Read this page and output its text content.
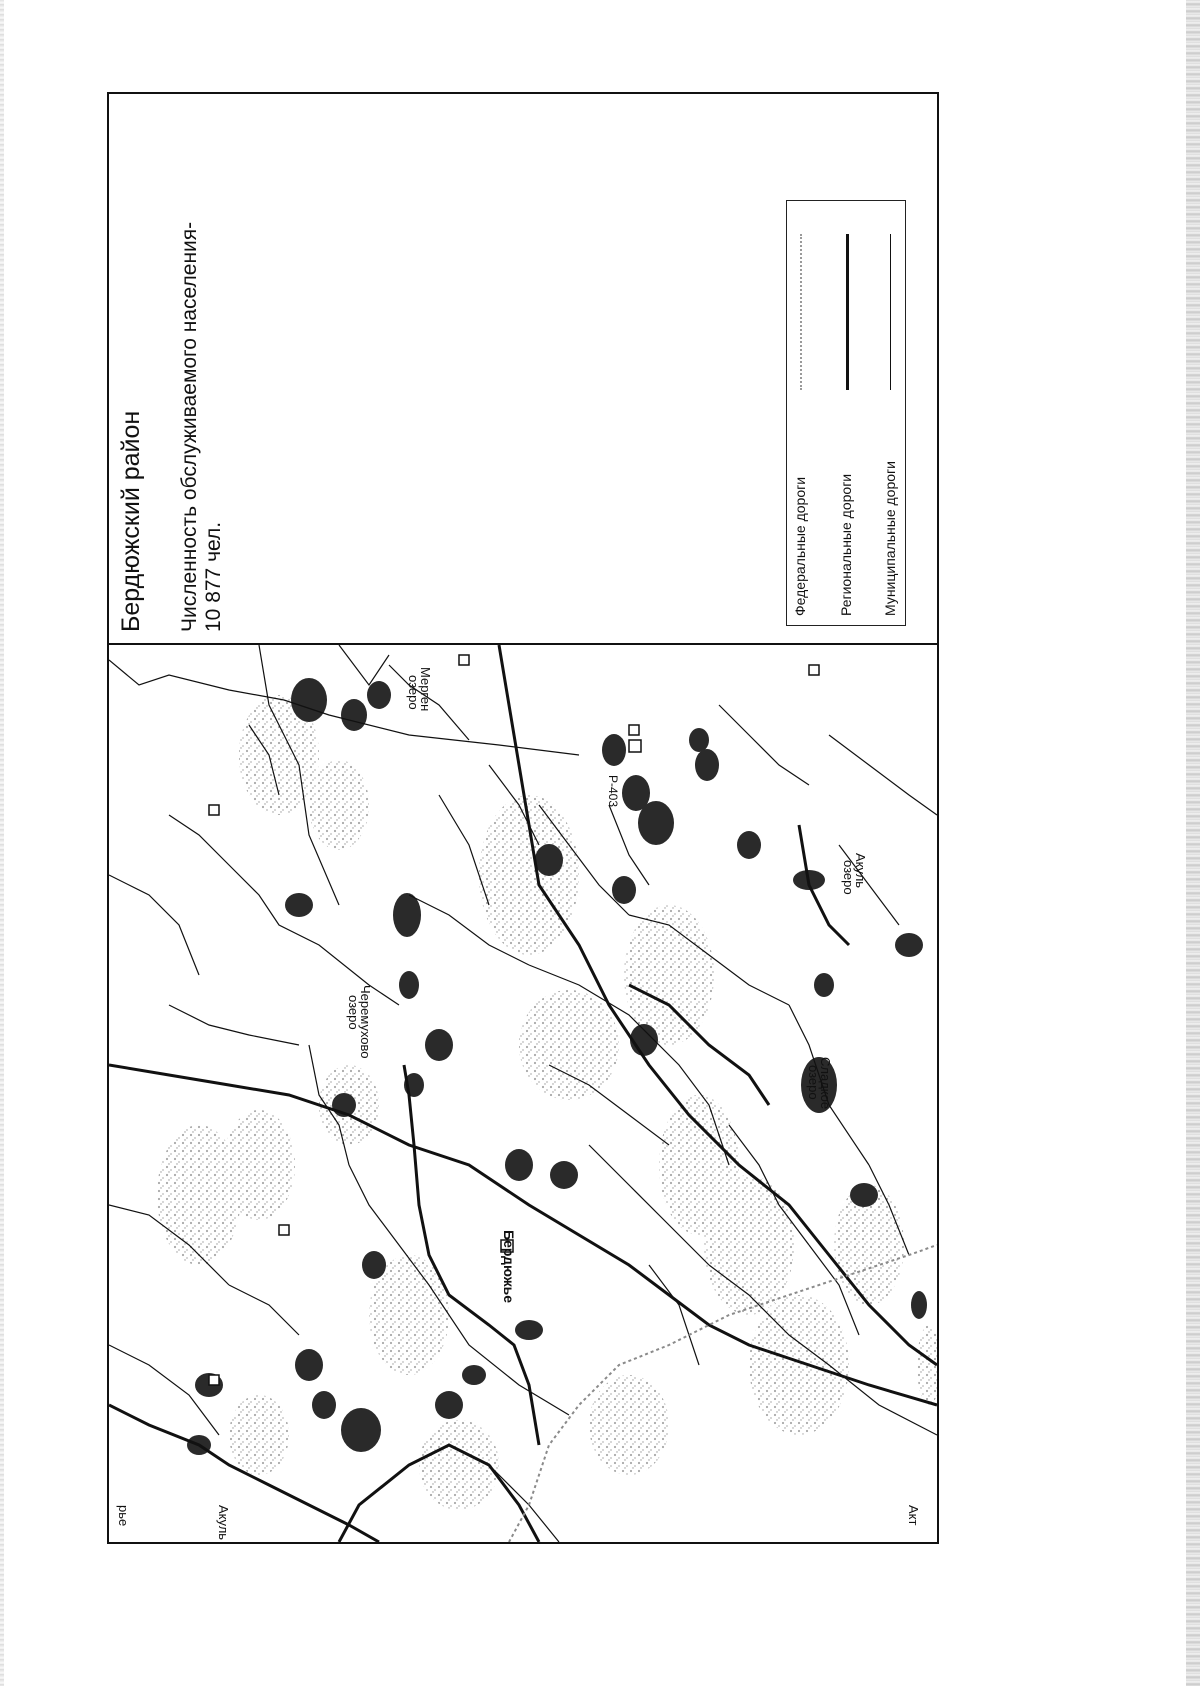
Бердюжский район Численность обслуживаемого населения- 10 877 чел.	Федеральные дороги Региональные дороги Муниципальные дороги
озеро
Мерген
Р-403
озеро
Черемухово
озеро
Сладкое
Бердюжье
озеро
Акуль
Акуль
рье	Акт
